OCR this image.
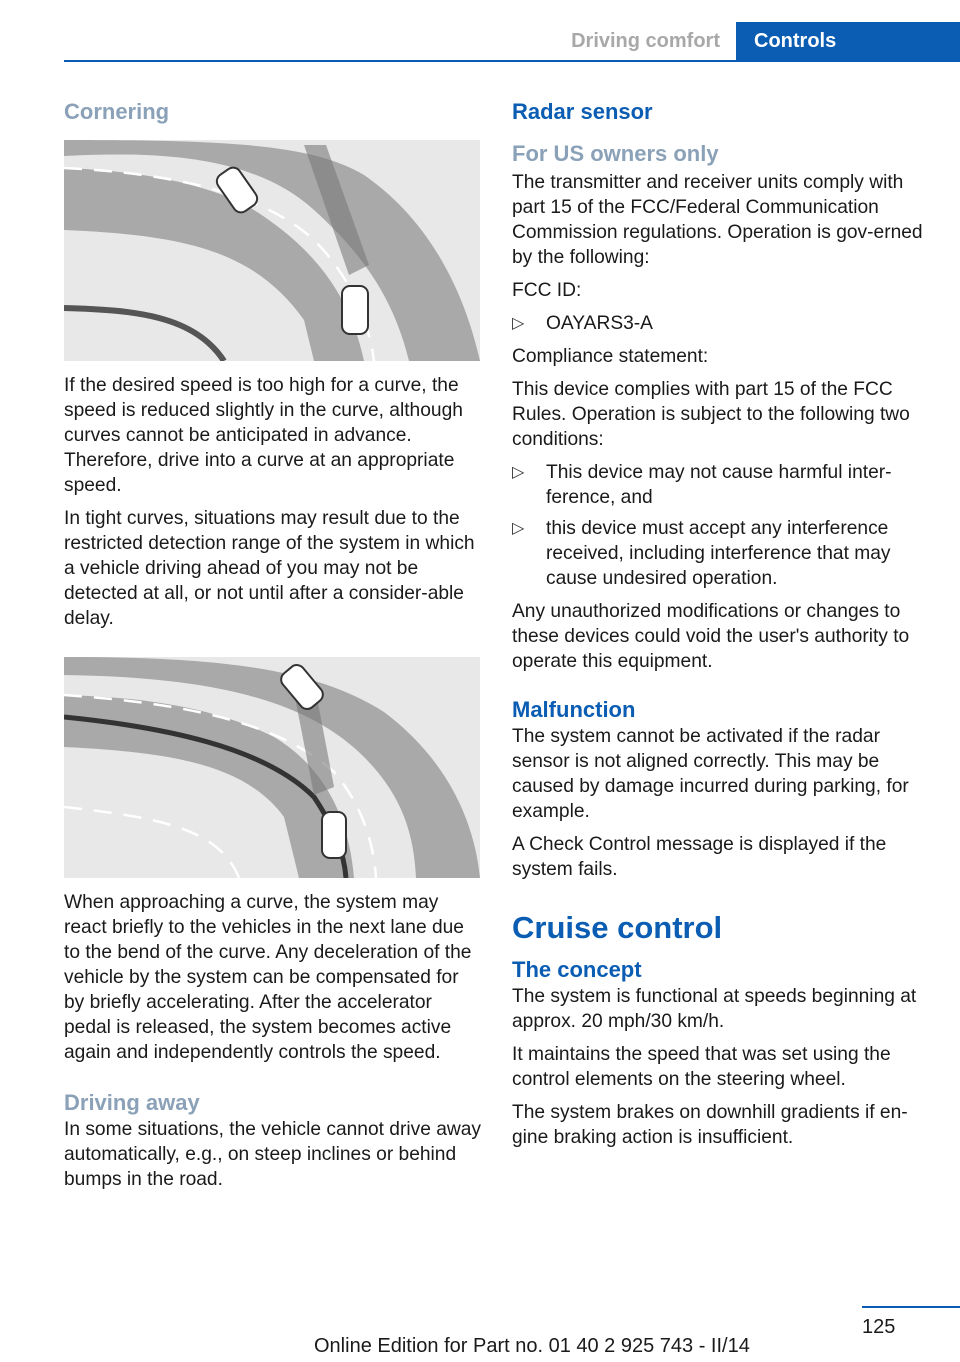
Driving comfort	Controls
Cornering

If the desired speed is too high for a curve, the speed is reduced slightly in the curve, although curves cannot be anticipated in advance. Therefore, drive into a curve at an appropriate speed.

In tight curves, situations may result due to the restricted detection range of the system in which a vehicle driving ahead of you may not be detected at all, or not until after a consider‐able delay.

When approaching a curve, the system may react briefly to the vehicles in the next lane due to the bend of the curve. Any deceleration of the vehicle by the system can be compensated for by briefly accelerating. After the accelerator pedal is released, the system becomes active again and independently controls the speed.

Driving away

In some situations, the vehicle cannot drive away automatically, e.g., on steep inclines or behind bumps in the road.

Radar sensor
For US owners only

The transmitter and receiver units comply with part 15 of the FCC/Federal Communication Commission regulations. Operation is gov‐erned by the following:

FCC ID:

▷ OAYARS3-A

Compliance statement:

This device complies with part 15 of the FCC Rules. Operation is subject to the following two conditions:

▷ This device may not cause harmful inter‐ference, and
▷ this device must accept any interference received, including interference that may cause undesired operation.

Any unauthorized modifications or changes to these devices could void the user's authority to operate this equipment.

Malfunction

The system cannot be activated if the radar sensor is not aligned correctly. This may be caused by damage incurred during parking, for example.

A Check Control message is displayed if the system fails.

Cruise control
The concept

The system is functional at speeds beginning at approx. 20 mph/30 km/h.

It maintains the speed that was set using the control elements on the steering wheel.

The system brakes on downhill gradients if en‐gine braking action is insufficient.

125
Online Edition for Part no. 01 40 2 925 743 - II/14
